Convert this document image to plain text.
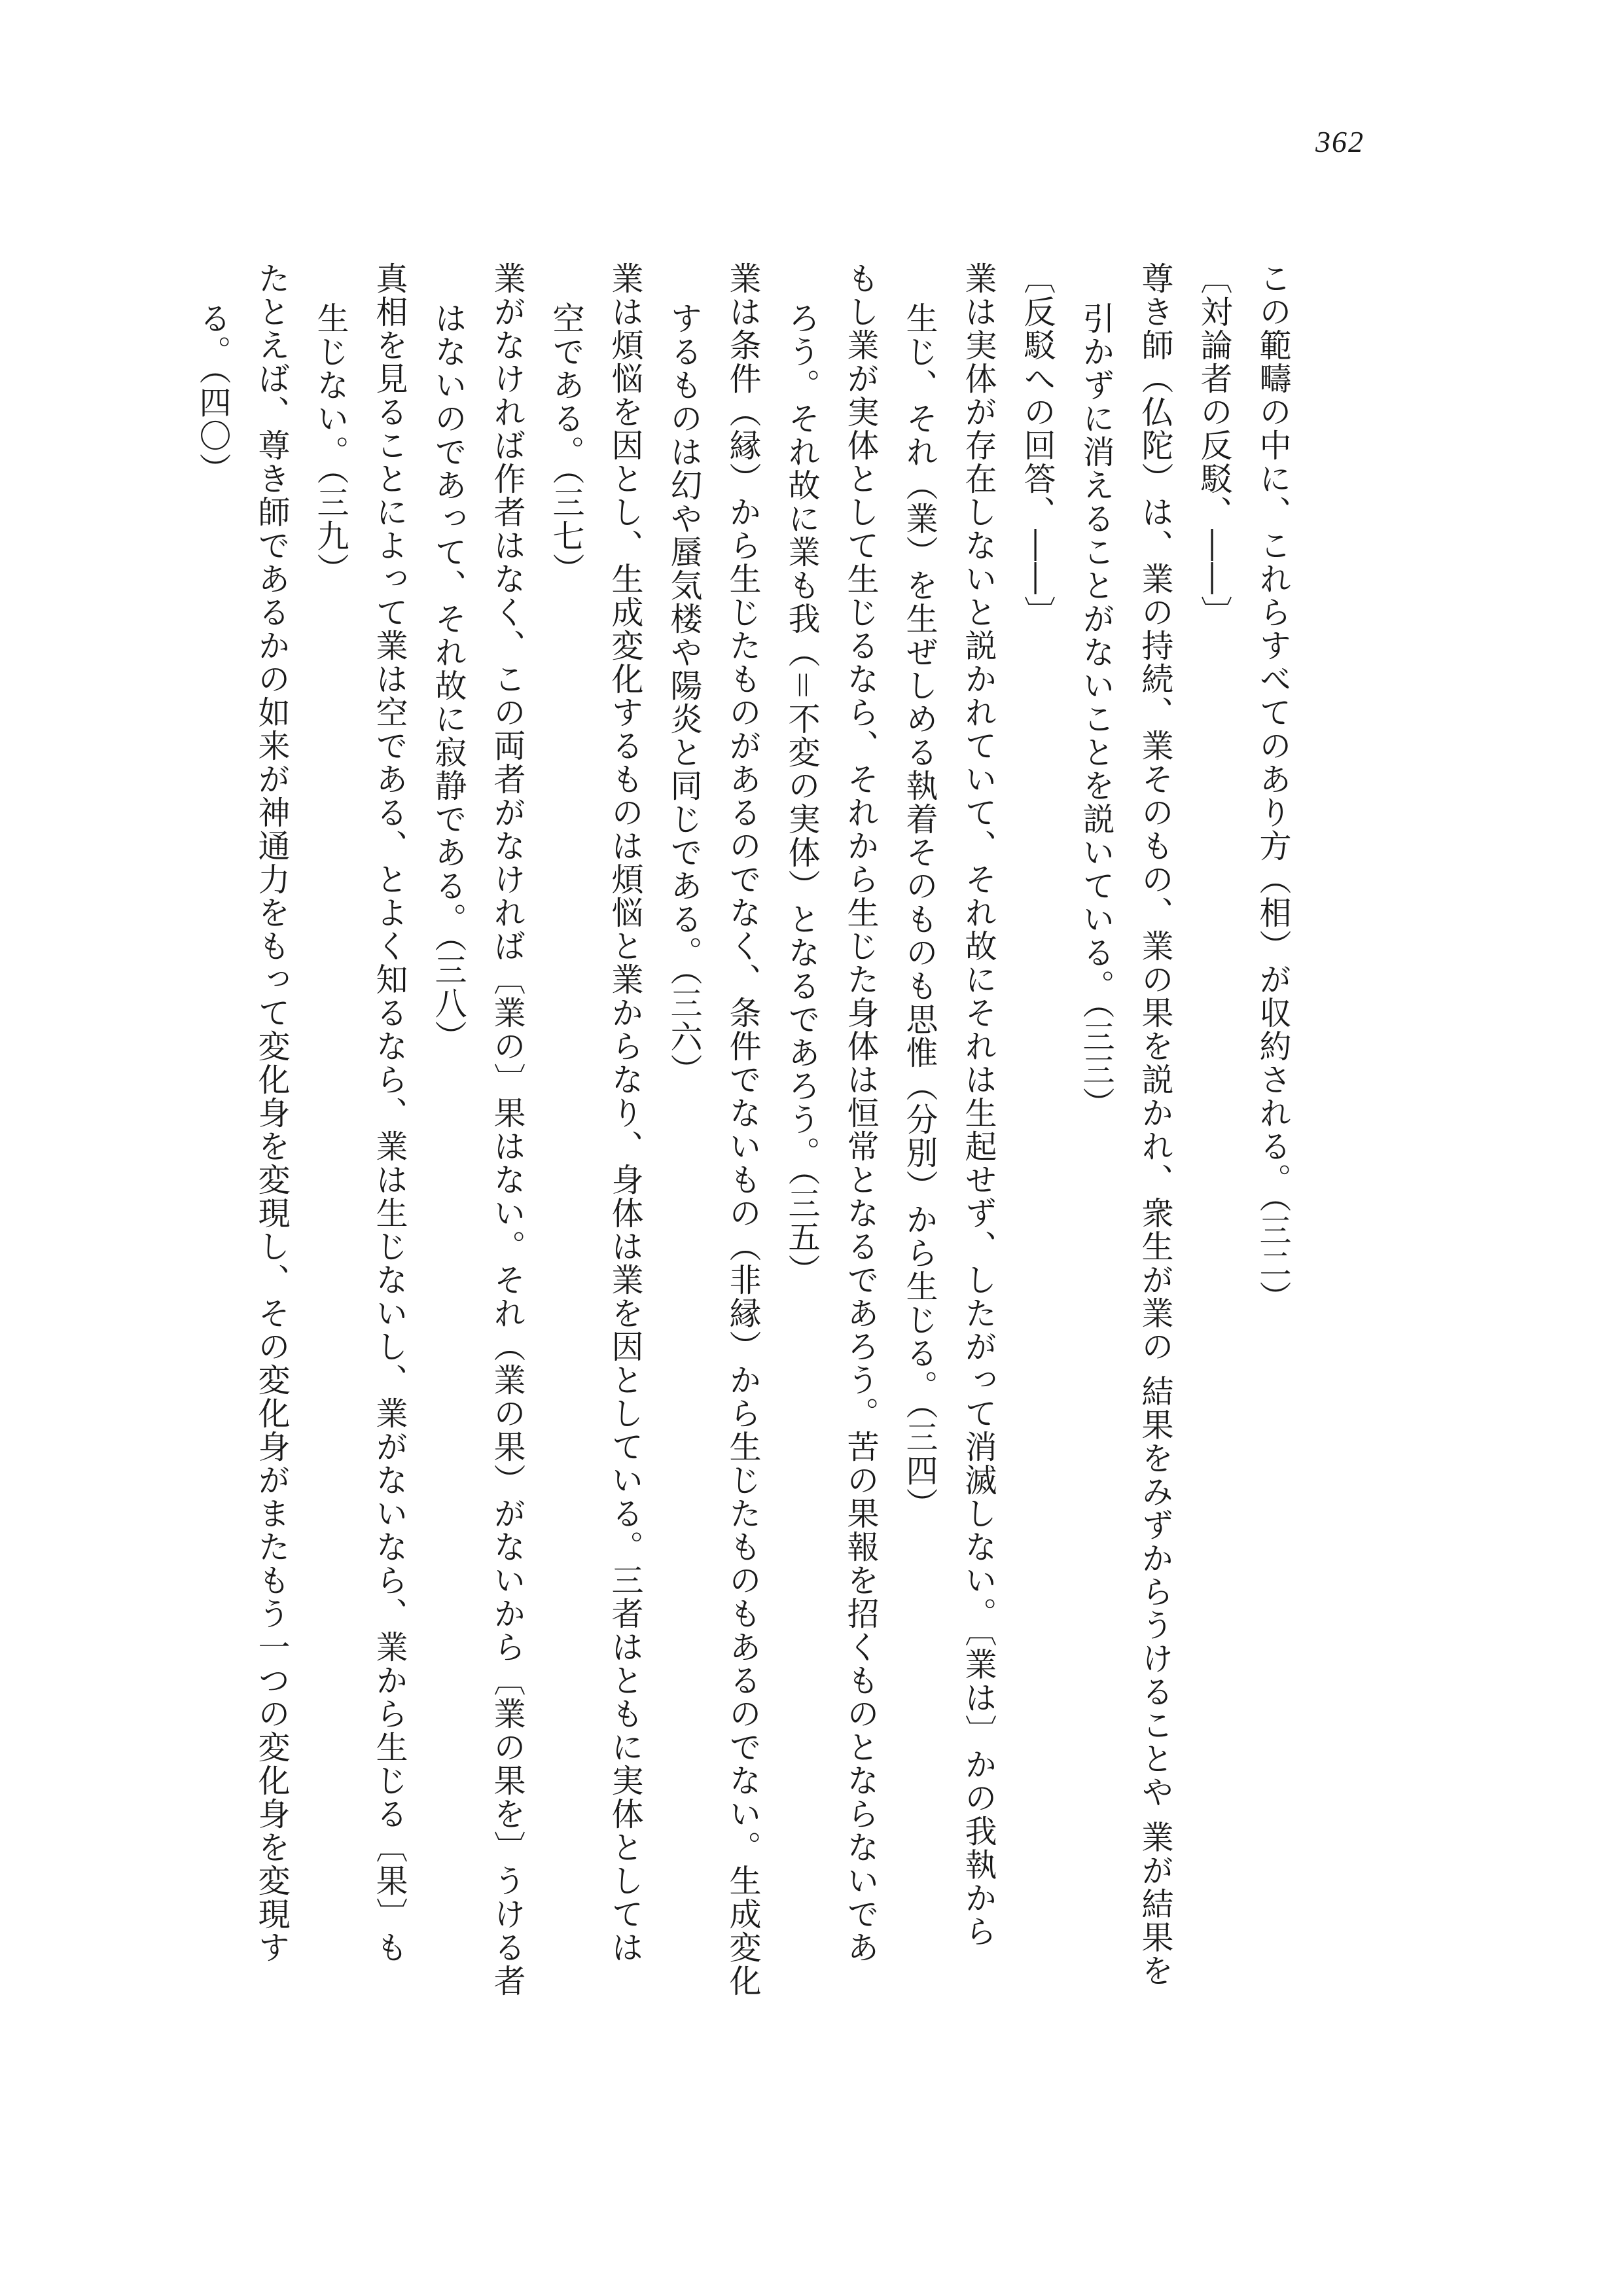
362
この範疇の中に、これらすべてのあり方（相）が収約される。（三二）
〔対論者の反駁、――〕
尊き師（仏陀）は、業の持続、業そのもの、業の果を説かれ、衆生が業の 結果をみずからうけることや 業が結果を
引かずに消えることがないことを説いている。（三三）
〔反駁への回答、――〕
業は実体が存在しないと説かれていて、それ故にそれは生起せず、したがって消滅しない。〔業は〕かの我執から
生じ、それ（業）を生ぜしめる執着そのものも思惟（分別）から生じる。（三四）
もし業が実体として生じるなら、それから生じた身体は恒常となるであろう。苦の果報を招くものとならないであ
ろう。それ故に業も我（＝不変の実体）となるであろう。（三五）
業は条件（縁）から生じたものがあるのでなく、条件でないもの（非縁）から生じたものもあるのでない。生成変化
するものは幻や蜃気楼や陽炎と同じである。（三六）
業は煩悩を因とし、生成変化するものは煩悩と業からなり、身体は業を因としている。三者はともに実体としては
空である。（三七）
業がなければ作者はなく、この両者がなければ〔業の〕果はない。それ（業の果）がないから〔業の果を〕うける者
はないのであって、それ故に寂静である。（三八）
真相を見ることによって業は空である、とよく知るなら、業は生じないし、業がないなら、業から生じる〔果〕も
生じない。（三九）
たとえば、尊き師であるかの如来が神通力をもって変化身を変現し、その変化身がまたもう一つの変化身を変現す
る。（四〇）
